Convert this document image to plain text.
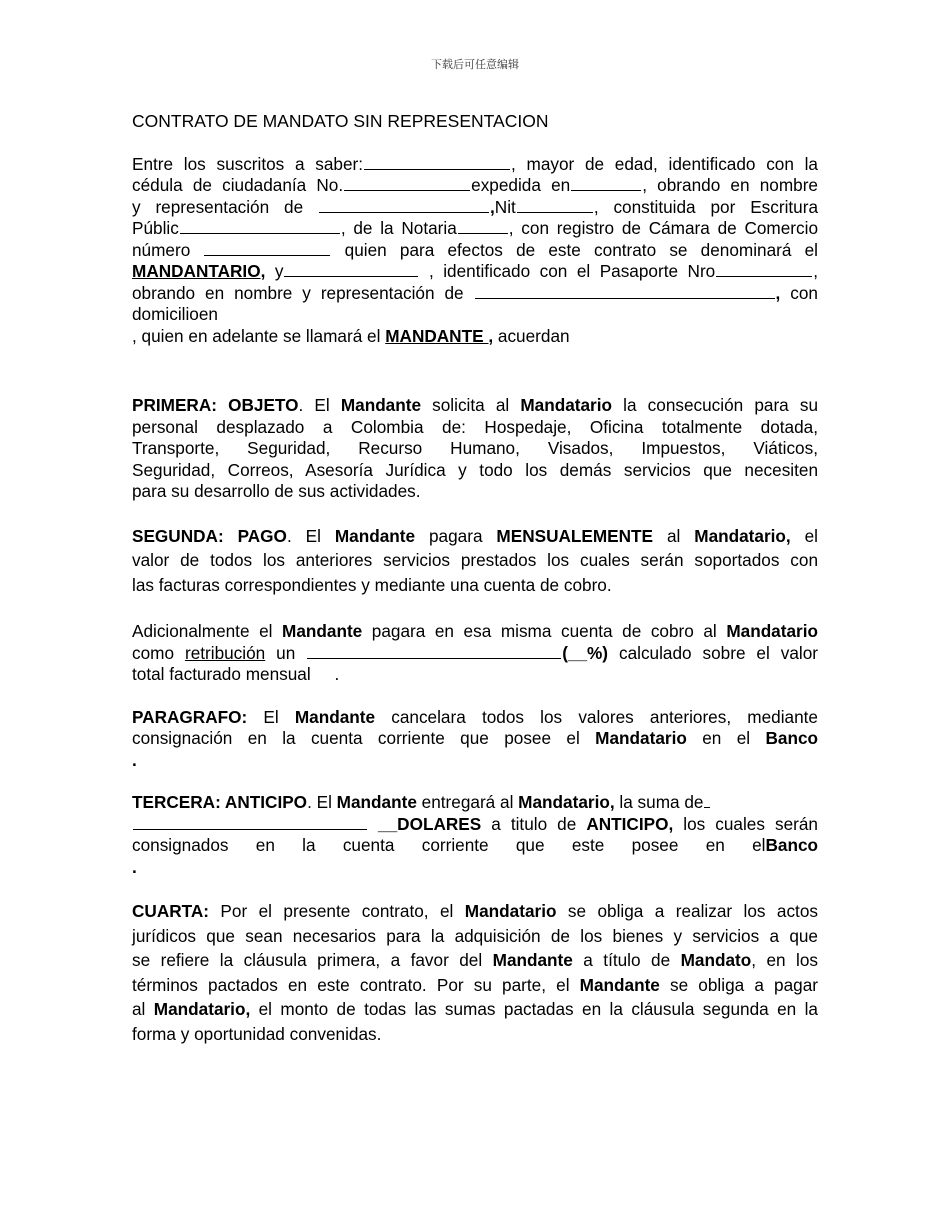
下载后可任意编辑
CONTRATO DE MANDATO SIN REPRESENTACION
Entre los suscritos a saber:	, mayor de edad, identificado con la
cédula de ciudadanía No.	expedida en	, obrando en nombre
y representación de	,Nit	, constituida por Escritura
Públic	, de la Notaria	, con registro de Cámara de Comercio
número	quien para efectos de este contrato se denominará el
MANDANTARIO, y	, identificado con el Pasaporte Nro	,
obrando en nombre y representación de	, con
domicilioen
, quien en adelante se llamará el MANDANTE , acuerdan
PRIMERA: OBJETO. El Mandante solicita al Mandatario la consecución para su
personal desplazado a Colombia de: Hospedaje, Oficina totalmente dotada,
Transporte, Seguridad, Recurso Humano, Visados, Impuestos, Viáticos,
Seguridad, Correos, Asesoría Jurídica y todo los demás servicios que necesiten
para su desarrollo de sus actividades.
SEGUNDA: PAGO. El Mandante pagara MENSUALEMENTE al Mandatario, el
valor de todos los anteriores servicios prestados los cuales serán soportados con
las facturas correspondientes y mediante una cuenta de cobro.
Adicionalmente el Mandante pagara en esa misma cuenta de cobro al Mandatario
como retribución un	(__%) calculado sobre el valor
total facturado mensual     .
PARAGRAFO: El Mandante cancelara todos los valores anteriores, mediante
consignación en la cuenta corriente que posee el Mandatario en el Banco
.
TERCERA: ANTICIPO. El Mandante entregará al Mandatario, la suma de
__DOLARES a titulo de ANTICIPO, los cuales serán
consignados en la cuenta corriente que este posee en elBanco
.
CUARTA: Por el presente contrato, el Mandatario se obliga a realizar los actos
jurídicos que sean necesarios para la adquisición de los bienes y servicios a que
se refiere la cláusula primera, a favor del Mandante a título de Mandato, en los
términos pactados en este contrato. Por su parte, el Mandante se obliga a pagar
al Mandatario, el monto de todas las sumas pactadas en la cláusula segunda en la
forma y oportunidad convenidas.
